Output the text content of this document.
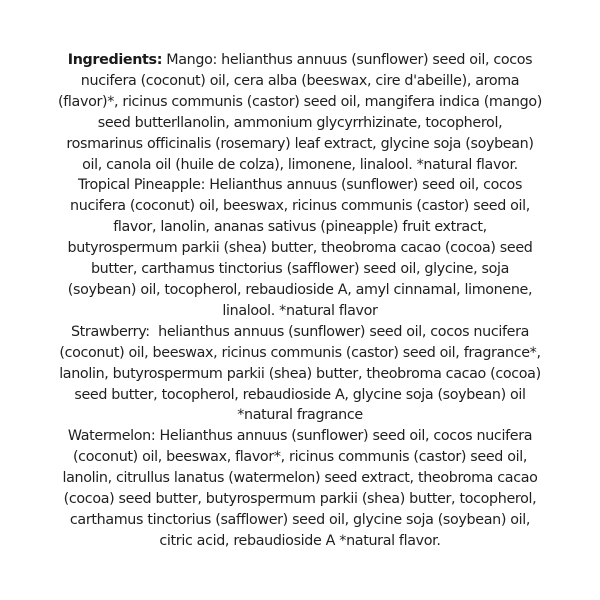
Ingredients: Mango: helianthus annuus (sunflower) seed oil, cocos nucifera (coconut) oil, cera alba (beeswax, cire d'abeille), aroma (flavor)*, ricinus communis (castor) seed oil, mangifera indica (mango) seed butterllanolin, ammonium glycyrrhizinate, tocopherol, rosmarinus officinalis (rosemary) leaf extract, glycine soja (soybean) oil, canola oil (huile de colza), limonene, linalool. *natural flavor.

Tropical Pineapple: Helianthus annuus (sunflower) seed oil, cocos nucifera (coconut) oil, beeswax, ricinus communis (castor) seed oil, flavor, lanolin, ananas sativus (pineapple) fruit extract, butyrospermum parkii (shea) butter, theobroma cacao (cocoa) seed butter, carthamus tinctorius (safflower) seed oil, glycine, soja (soybean) oil, tocopherol, rebaudioside A, amyl cinnamal, limonene, linalool. *natural flavor

Strawberry:  helianthus annuus (sunflower) seed oil, cocos nucifera (coconut) oil, beeswax, ricinus communis (castor) seed oil, fragrance*, lanolin, butyrospermum parkii (shea) butter, theobroma cacao (cocoa) seed butter, tocopherol, rebaudioside A, glycine soja (soybean) oil *natural fragrance

Watermelon: Helianthus annuus (sunflower) seed oil, cocos nucifera (coconut) oil, beeswax, flavor*, ricinus communis (castor) seed oil, lanolin, citrullus lanatus (watermelon) seed extract, theobroma cacao (cocoa) seed butter, butyrospermum parkii (shea) butter, tocopherol, carthamus tinctorius (safflower) seed oil, glycine soja (soybean) oil, citric acid, rebaudioside A *natural flavor.
